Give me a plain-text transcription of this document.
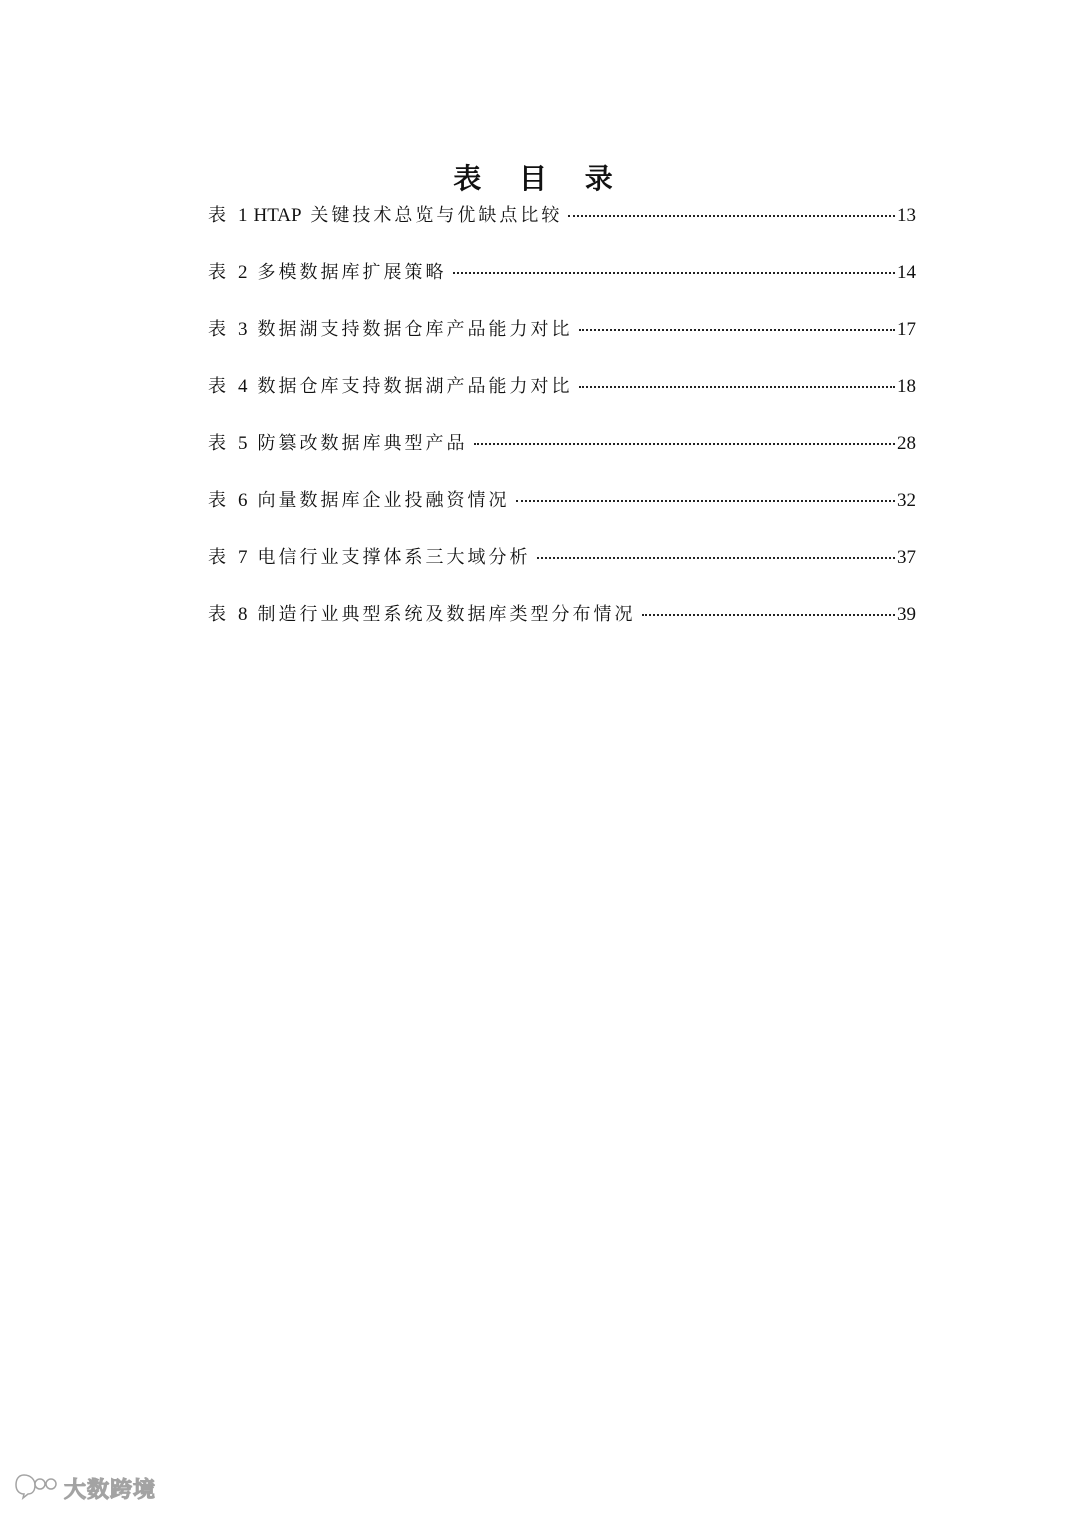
表 目 录
表 1 HTAP 关键技术总览与优缺点比较	13
表 2 多模数据库扩展策略	14
表 3 数据湖支持数据仓库产品能力对比	17
表 4 数据仓库支持数据湖产品能力对比	18
表 5 防篡改数据库典型产品	28
表 6 向量数据库企业投融资情况	32
表 7 电信行业支撑体系三大域分析	37
表 8 制造行业典型系统及数据库类型分布情况	39
大数跨境
